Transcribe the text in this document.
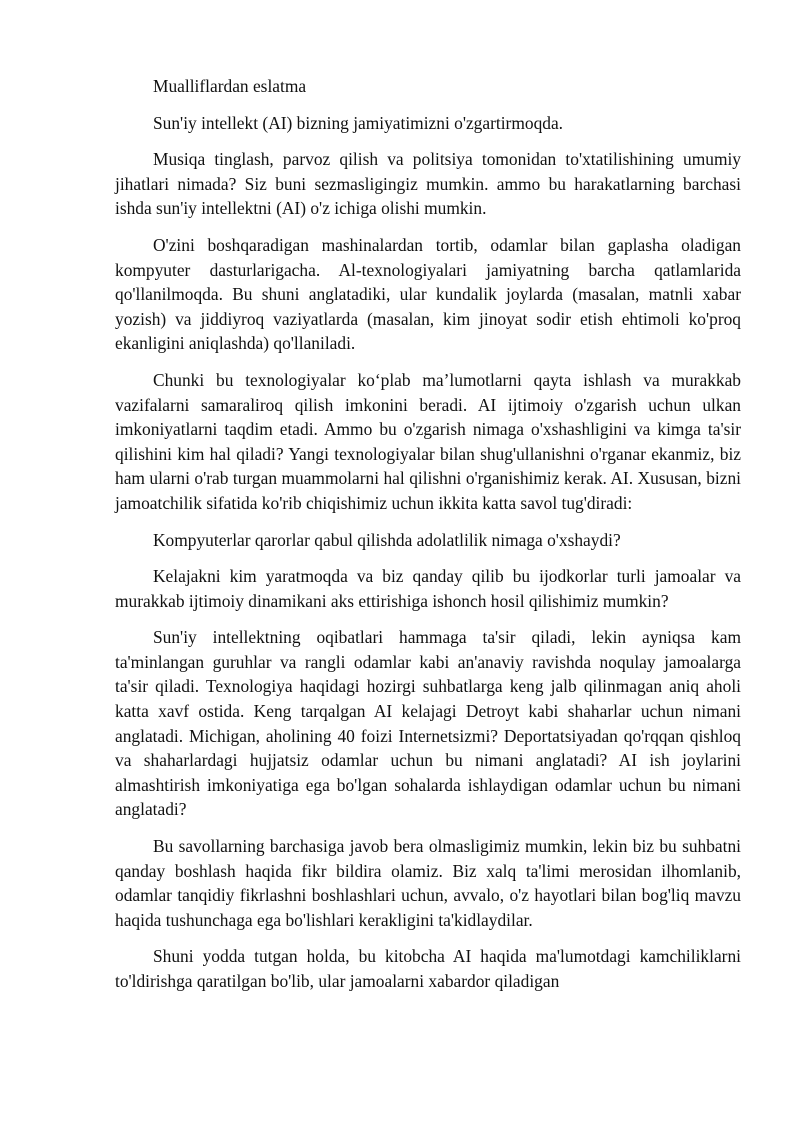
Mualliflardan eslatma

Sun'iy intellekt (AI) bizning jamiyatimizni o'zgartirmoqda.

Musiqa tinglash, parvoz qilish va politsiya tomonidan to'xtatilishining umumiy jihatlari nimada? Siz buni sezmasligingiz mumkin. ammo bu harakatlarning barchasi ishda sun'iy intellektni (AI) o'z ichiga olishi mumkin.

O'zini boshqaradigan mashinalardan tortib, odamlar bilan gaplasha oladigan kompyuter dasturlarigacha. Al-texnologiyalari jamiyatning barcha qatlamlarida qo'llanilmoqda. Bu shuni anglatadiki, ular kundalik joylarda (masalan, matnli xabar yozish) va jiddiyroq vaziyatlarda (masalan, kim jinoyat sodir etish ehtimoli ko'proq ekanligini aniqlashda) qo'llaniladi.

Chunki bu texnologiyalar ko‘plab ma’lumotlarni qayta ishlash va murakkab vazifalarni samaraliroq qilish imkonini beradi. AI ijtimoiy o'zgarish uchun ulkan imkoniyatlarni taqdim etadi. Ammo bu o'zgarish nimaga o'xshashligini va kimga ta'sir qilishini kim hal qiladi? Yangi texnologiyalar bilan shug'ullanishni o'rganar ekanmiz, biz ham ularni o'rab turgan muammolarni hal qilishni o'rganishimiz kerak. AI. Xususan, bizni jamoatchilik sifatida ko'rib chiqishimiz uchun ikkita katta savol tug'diradi:

Kompyuterlar qarorlar qabul qilishda adolatlilik nimaga o'xshaydi?

Kelajakni kim yaratmoqda va biz qanday qilib bu ijodkorlar turli jamoalar va murakkab ijtimoiy dinamikani aks ettirishiga ishonch hosil qilishimiz mumkin?

Sun'iy intellektning oqibatlari hammaga ta'sir qiladi, lekin ayniqsa kam ta'minlangan guruhlar va rangli odamlar kabi an'anaviy ravishda noqulay jamoalarga ta'sir qiladi. Texnologiya haqidagi hozirgi suhbatlarga keng jalb qilinmagan aniq aholi katta xavf ostida. Keng tarqalgan AI kelajagi Detroyt kabi shaharlar uchun nimani anglatadi. Michigan, aholining 40 foizi Internetsizmi? Deportatsiyadan qo'rqqan qishloq va shaharlardagi hujjatsiz odamlar uchun bu nimani anglatadi? AI ish joylarini almashtirish imkoniyatiga ega bo'lgan sohalarda ishlaydigan odamlar uchun bu nimani anglatadi?

Bu savollarning barchasiga javob bera olmasligimiz mumkin, lekin biz bu suhbatni qanday boshlash haqida fikr bildira olamiz. Biz xalq ta'limi merosidan ilhomlanib, odamlar tanqidiy fikrlashni boshlashlari uchun, avvalo, o'z hayotlari bilan bog'liq mavzu haqida tushunchaga ega bo'lishlari kerakligini ta'kidlaydilar.

Shuni yodda tutgan holda, bu kitobcha AI haqida ma'lumotdagi kamchiliklarni to'ldirishga qaratilgan bo'lib, ular jamoalarni xabardor qiladigan
